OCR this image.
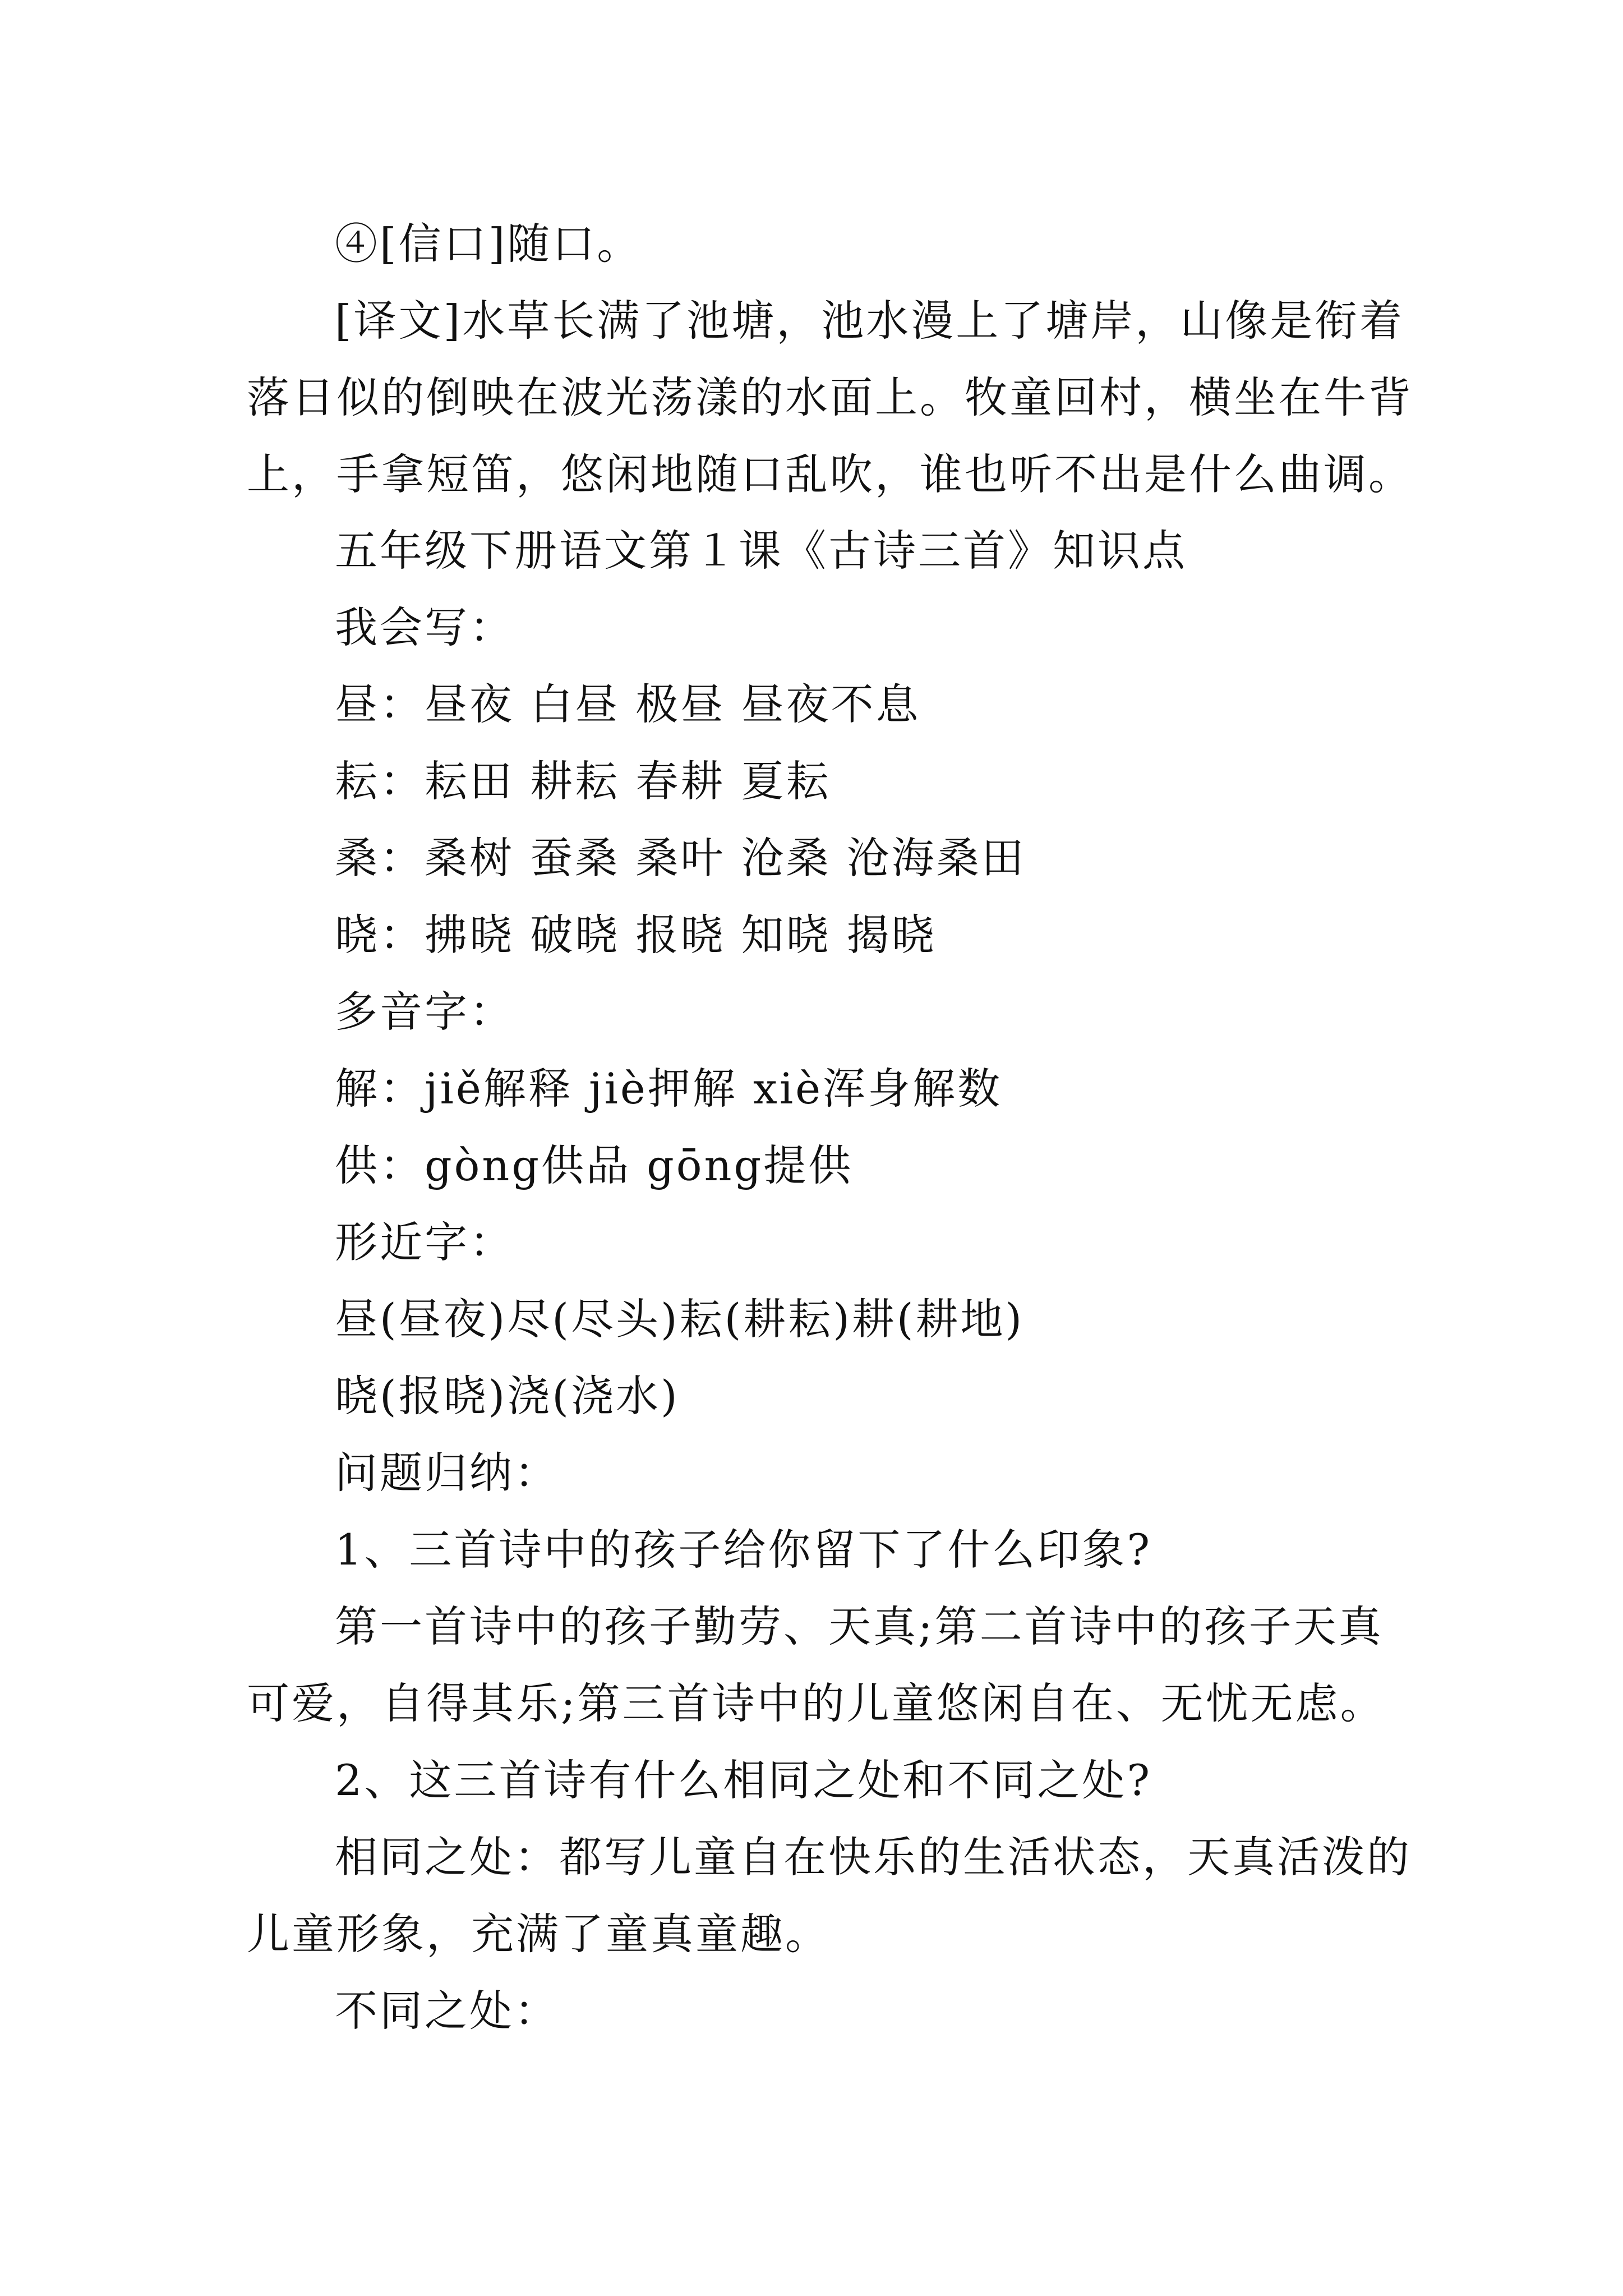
④[信口]随口。
[译文]水草长满了池塘，池水漫上了塘岸，山像是衔着
落日似的倒映在波光荡漾的水面上。牧童回村，横坐在牛背
上，手拿短笛，悠闲地随口乱吹，谁也听不出是什么曲调。
五年级下册语文第１课《古诗三首》知识点
我会写：
昼：昼夜 白昼 极昼 昼夜不息
耘：耘田 耕耘 春耕 夏耘
桑：桑树 蚕桑 桑叶 沧桑 沧海桑田
晓：拂晓 破晓 报晓 知晓 揭晓
多音字：
解：jiě解释 jiè押解 xiè浑身解数
供：gòng供品 gōng提供
形近字：
昼(昼夜)尽(尽头)耘(耕耘)耕(耕地)
晓(报晓)浇(浇水)
问题归纳：
1、三首诗中的孩子给你留下了什么印象?
第一首诗中的孩子勤劳、天真;第二首诗中的孩子天真
可爱，自得其乐;第三首诗中的儿童悠闲自在、无忧无虑。
2、这三首诗有什么相同之处和不同之处?
相同之处：都写儿童自在快乐的生活状态，天真活泼的
儿童形象，充满了童真童趣。
不同之处：
